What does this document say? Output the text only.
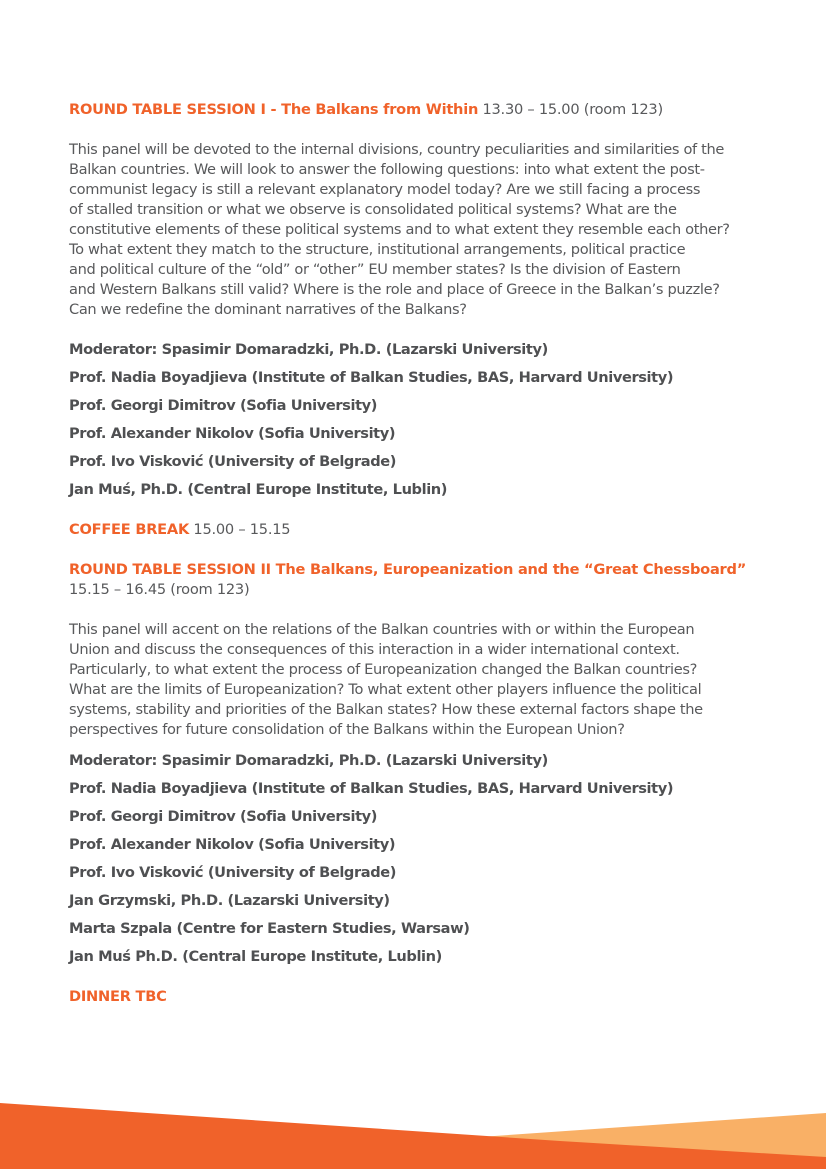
ROUND TABLE SESSION I - The Balkans from Within 13.30 – 15.00 (room 123)
This panel will be devoted to the internal divisions, country peculiarities and similarities of the
Balkan countries. We will look to answer the following questions: into what extent the post-
communist legacy is still a relevant explanatory model today? Are we still facing a process
of stalled transition or what we observe is consolidated political systems? What are the
constitutive elements of these political systems and to what extent they resemble each other?
To what extent they match to the structure, institutional arrangements, political practice
and political culture of the “old” or “other” EU member states? Is the division of Eastern
and Western Balkans still valid? Where is the role and place of Greece in the Balkan’s puzzle?
Can we redefine the dominant narratives of the Balkans?
Moderator: Spasimir Domaradzki, Ph.D. (Lazarski University)
Prof. Nadia Boyadjieva (Institute of Balkan Studies, BAS, Harvard University)
Prof. Georgi Dimitrov (Sofia University)
Prof. Alexander Nikolov (Sofia University)
Prof. Ivo Visković (University of Belgrade)
Jan Muś, Ph.D. (Central Europe Institute, Lublin)
COFFEE BREAK 15.00 – 15.15
ROUND TABLE SESSION II The Balkans, Europeanization and the “Great Chessboard”
15.15 – 16.45 (room 123)
This panel will accent on the relations of the Balkan countries with or within the European
Union and discuss the consequences of this interaction in a wider international context.
Particularly, to what extent the process of Europeanization changed the Balkan countries?
What are the limits of Europeanization? To what extent other players influence the political
systems, stability and priorities of the Balkan states? How these external factors shape the
perspectives for future consolidation of the Balkans within the European Union?
Moderator: Spasimir Domaradzki, Ph.D. (Lazarski University)
Prof. Nadia Boyadjieva (Institute of Balkan Studies, BAS, Harvard University)
Prof. Georgi Dimitrov (Sofia University)
Prof. Alexander Nikolov (Sofia University)
Prof. Ivo Visković (University of Belgrade)
Jan Grzymski, Ph.D. (Lazarski University)
Marta Szpala (Centre for Eastern Studies, Warsaw)
Jan Muś Ph.D. (Central Europe Institute, Lublin)
DINNER TBC
